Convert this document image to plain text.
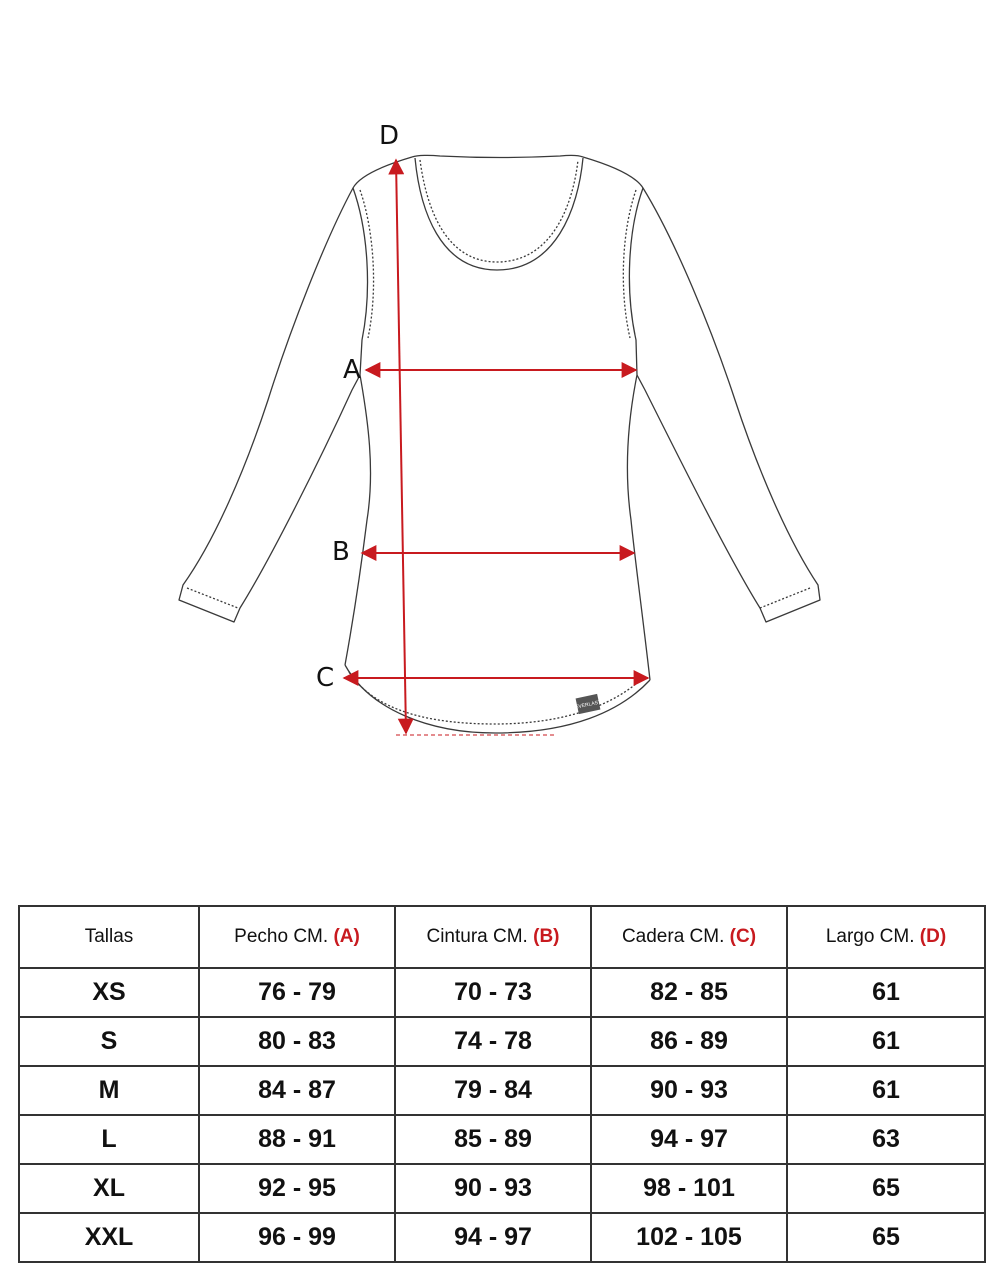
EVERLAST
D
A
B
C
Tallas	Pecho CM. (A)	Cintura CM. (B)	Cadera CM. (C)	Largo CM. (D)
XS	76 - 79	70 - 73	82 - 85	61
S	80 - 83	74 - 78	86 - 89	61
M	84 - 87	79 - 84	90 - 93	61
L	88 - 91	85 - 89	94 - 97	63
XL	92 - 95	90 - 93	98 - 101	65
XXL	96 - 99	94 - 97	102 - 105	65
